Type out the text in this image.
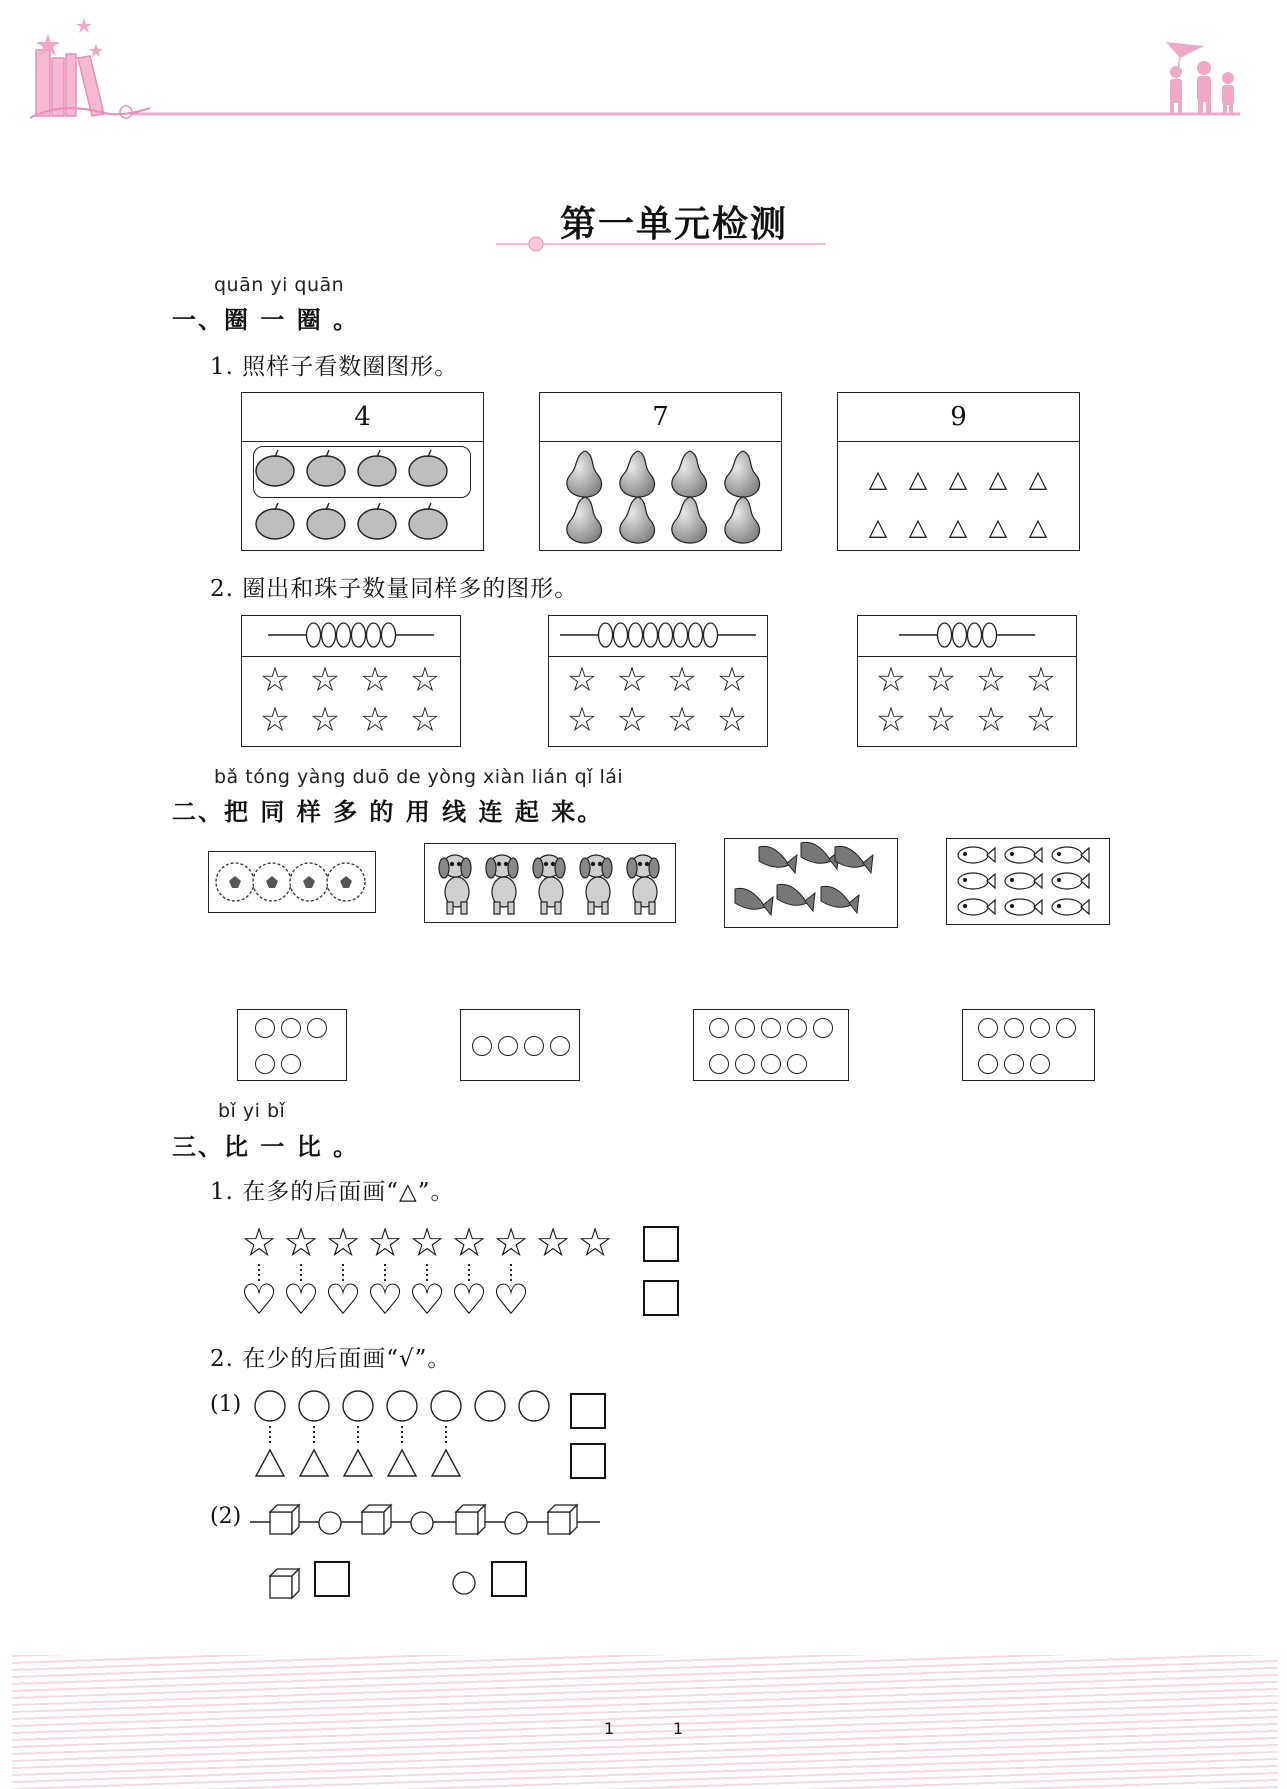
第一单元检测
quān yi quān
一、圈 一 圈 。
1. 照样子看数圈图形。
4	7	9
△ △ △ △ △
△ △ △ △ △
2. 圈出和珠子数量同样多的图形。
☆ ☆ ☆ ☆
☆ ☆ ☆ ☆
☆ ☆ ☆ ☆
☆ ☆ ☆ ☆
☆ ☆ ☆ ☆
☆ ☆ ☆ ☆
bǎ tóng yàng duō de yòng xiàn lián qǐ lái
二、把 同 样 多 的 用 线 连 起 来。
bǐ yi bǐ
三、比 一 比 。
1. 在多的后面画“△”。
☆ ☆ ☆ ☆ ☆ ☆ ☆ ☆ ☆
♡ ♡ ♡ ♡ ♡ ♡ ♡
2. 在少的后面画“√”。
(1)
(2)
1	1
